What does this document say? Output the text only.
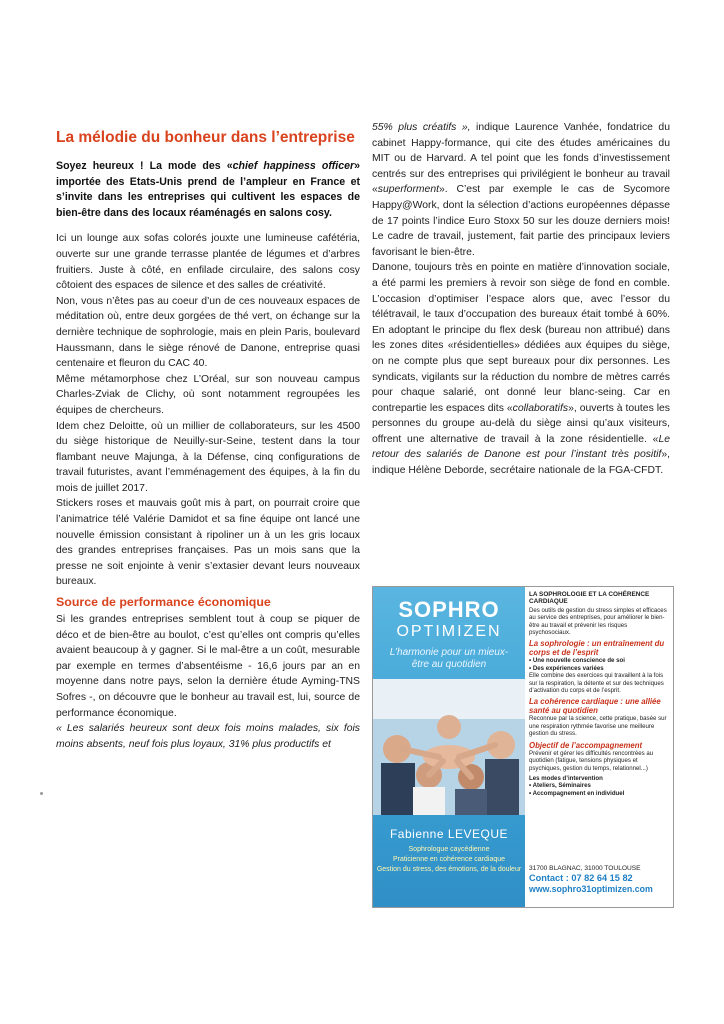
La mélodie du bonheur dans l’entreprise

Soyez heureux ! La mode des «chief happiness officer» importée des Etats-Unis prend de l’ampleur en France et s’invite dans les entreprises qui cultivent les espaces de bien-être dans des locaux réaménagés en salons cosy.

Ici un lounge aux sofas colorés jouxte une lumineuse cafétéria, ouverte sur une grande terrasse plantée de légumes et d’arbres fruitiers. Juste à côté, en enfilade circulaire, des salons cosy côtoient des espaces de silence et des salles de créativité.

Non, vous n’êtes pas au coeur d’un de ces nouveaux espaces de méditation où, entre deux gorgées de thé vert, on échange sur la dernière technique de sophrologie, mais en plein Paris, boulevard Haussmann, dans le siège rénové de Danone, entreprise quasi centenaire et fleuron du CAC 40.

Même métamorphose chez L’Oréal, sur son nouveau campus Charles-Zviak de Clichy, où sont notamment regroupées les équipes de chercheurs.

Idem chez Deloitte, où un millier de collaborateurs, sur les 4500 du siège historique de Neuilly-sur-Seine, testent dans la tour flambant neuve Majunga, à la Défense, cinq configurations de travail futuristes, avant l’emménagement des équipes, à la fin du mois de juillet 2017.

Stickers roses et mauvais goût mis à part, on pourrait croire que l’animatrice télé Valérie Damidot et sa fine équipe ont lancé une nouvelle émission consistant à ripoliner un à un les gris locaux des grandes entreprises françaises. Pas un mois sans que la presse ne soit enjointe à venir s’extasier devant leurs nouveaux bureaux.

Source de performance économique

Si les grandes entreprises semblent tout à coup se piquer de déco et de bien-être au boulot, c’est qu’elles ont compris qu’elles avaient beaucoup à y gagner. Si le mal-être a un coût, mesurable par exemple en termes d’absentéisme - 16,6 jours par an en moyenne dans notre pays, selon la dernière étude Ayming-TNS Sofres -, on découvre que le bonheur au travail est, lui, source de performance économique.

« Les salariés heureux sont deux fois moins malades, six fois moins absents, neuf fois plus loyaux, 31% plus productifs et

55% plus créatifs », indique Laurence Vanhée, fondatrice du cabinet Happy-formance, qui cite des études américaines du MIT ou de Harvard. A tel point que les fonds d’investissement centrés sur des entreprises qui privilégient le bonheur au travail «superforment». C’est par exemple le cas de Sycomore Happy@Work, dont la sélection d’actions européennes dépasse de 17 points l’indice Euro Stoxx 50 sur les douze derniers mois! Le cadre de travail, justement, fait partie des principaux leviers favorisant le bien-être.

Danone, toujours très en pointe en matière d’innovation sociale, a été parmi les premiers à revoir son siège de fond en comble. L’occasion d’optimiser l’espace alors que, avec l’essor du télétravail, le taux d’occupation des bureaux était tombé à 60%. En adoptant le principe du flex desk (bureau non attribué) dans les zones dites «résidentielles» dédiées aux équipes du siège, on ne compte plus que sept bureaux pour dix personnes. Les syndicats, vigilants sur la réduction du nombre de mètres carrés pour chaque salarié, ont donné leur blanc-seing. Car en contrepartie les espaces dits «collaboratifs», ouverts à toutes les personnes du groupe au-delà du siège ainsi qu’aux visiteurs, offrent une alternative de travail à la zone résidentielle. «Le retour des salariés de Danone est pour l’instant très positif», indique Hélène Deborde, secrétaire nationale de la FGA-CFDT.

SOPHRO
OPTIMIZEN
L’harmonie pour un mieux-être au quotidien
Fabienne LEVEQUE
Sophrologue caycédienne
Praticienne en cohérence cardiaque
Gestion du stress, des émotions, de la douleur
LA SOPHROLOGIE ET LA COHÉRENCE CARDIAQUE
Des outils de gestion du stress simples et efficaces au service des entreprises, pour améliorer le bien-être au travail et prévenir les risques psychosociaux.
La sophrologie : un entraînement du corps et de l’esprit
• Une nouvelle conscience de soi
• Des expériences variées
Elle combine des exercices qui travaillent à la fois sur la respiration, la détente et sur des techniques d’activation du corps et de l’esprit.
La cohérence cardiaque : une alliée santé au quotidien
Reconnue par la science, cette pratique, basée sur une respiration rythmée favorise une meilleure gestion du stress.
Objectif de l’accompagnement
Prévenir et gérer les difficultés rencontrées au quotidien (fatigue, tensions physiques et psychiques, gestion du temps, relationnel...)
Les modes d’intervention
• Ateliers, Séminaires
• Accompagnement en individuel
31700 BLAGNAC, 31000 TOULOUSE
Contact : 07 82 64 15 82
www.sophro31optimizen.com
